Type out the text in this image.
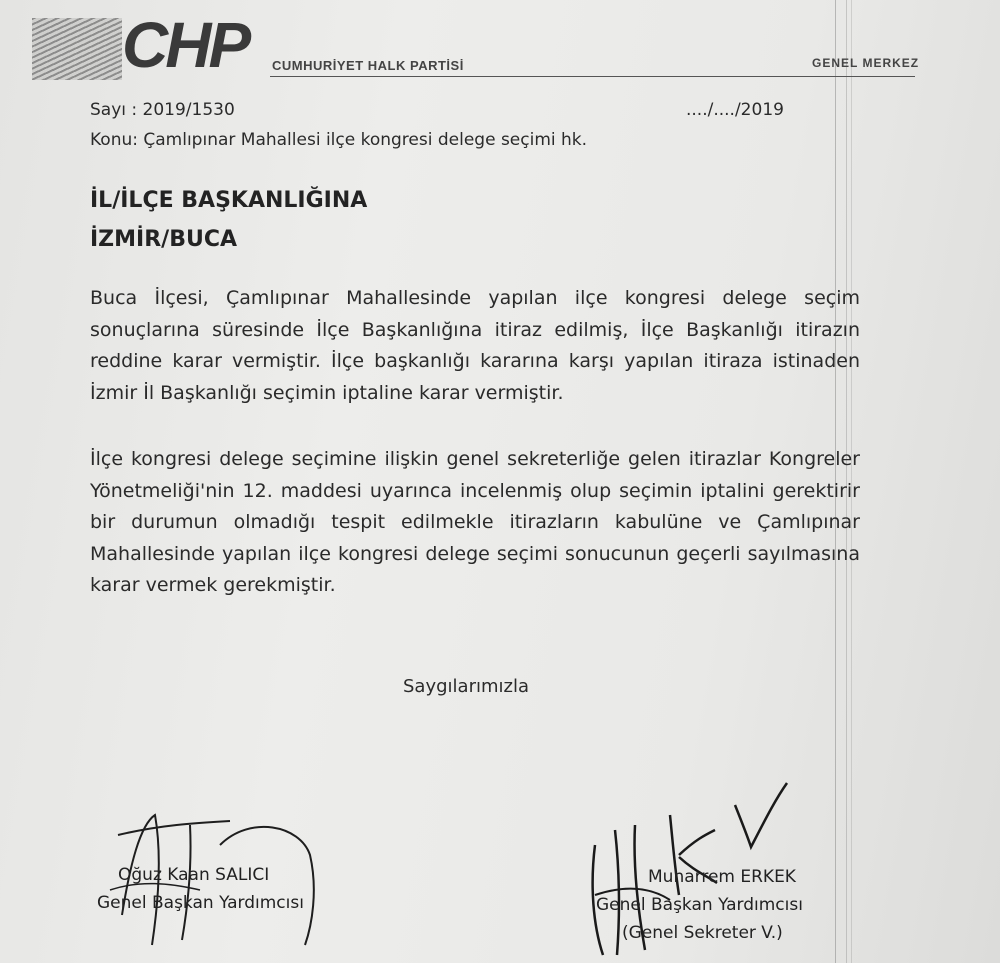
CHP CUMHURİYET HALK PARTİSİ	GENEL MERKEZ
Sayı : 2019/1530
Konu: Çamlıpınar Mahallesi ilçe kongresi delege seçimi hk.
..../..../2019
İL/İLÇE BAŞKANLIĞINA
İZMİR/BUCA
Buca İlçesi, Çamlıpınar Mahallesinde yapılan ilçe kongresi delege seçim sonuçlarına süresinde İlçe Başkanlığına itiraz edilmiş, İlçe Başkanlığı itirazın reddine karar vermiştir. İlçe başkanlığı kararına karşı yapılan itiraza istinaden İzmir İl Başkanlığı seçimin iptaline karar vermiştir.
İlçe kongresi delege seçimine ilişkin genel sekreterliğe gelen itirazlar Kongreler Yönetmeliği'nin 12. maddesi uyarınca incelenmiş olup seçimin iptalini gerektirir bir durumun olmadığı tespit edilmekle itirazların kabulüne ve Çamlıpınar Mahallesinde yapılan ilçe kongresi delege seçimi sonucunun geçerli sayılmasına karar vermek gerekmiştir.
Saygılarımızla
Oğuz Kaan SALICI
Genel Başkan Yardımcısı
Muharrem ERKEK
Genel Başkan Yardımcısı
(Genel Sekreter V.)
